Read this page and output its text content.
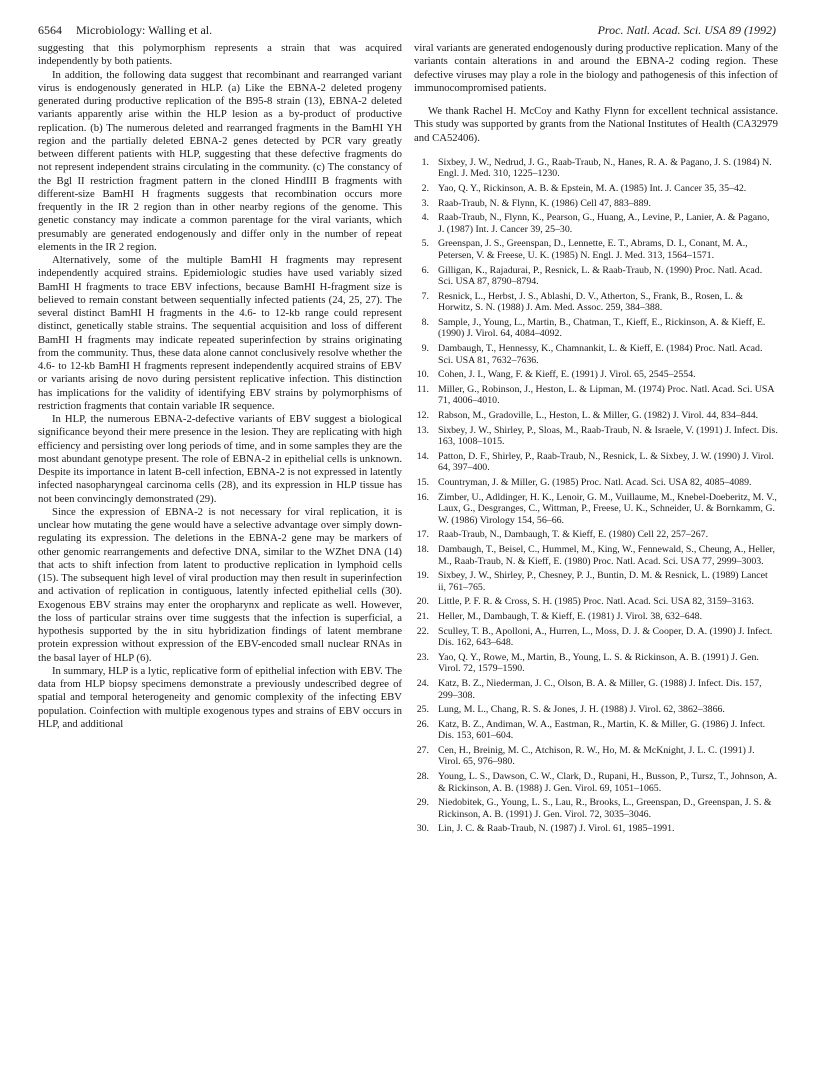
6564 Microbiology: Walling et al.	Proc. Natl. Acad. Sci. USA 89 (1992)

suggesting that this polymorphism represents a strain that was acquired independently by both patients.

In addition, the following data suggest that recombinant and rearranged variant virus is endogenously generated in HLP. (a) Like the EBNA-2 deleted progeny generated during productive replication of the B95-8 strain (13), EBNA-2 deleted variants apparently arise within the HLP lesion as a by-product of productive replication. (b) The numerous deleted and rearranged fragments in the BamHI YH region and the partially deleted EBNA-2 genes detected by PCR vary greatly between different patients with HLP, suggesting that these defective fragments do not represent independent strains circulating in the community. (c) The constancy of the Bgl II restriction fragment pattern in the cloned HindIII B fragments with different-size BamHI H fragments suggests that recombination occurs more frequently in the IR 2 region than in other nearby regions of the genome. This genetic constancy may indicate a common parentage for the viral variants, which presumably are generated endogenously and differ only in the number of repeat elements in the IR 2 region.

Alternatively, some of the multiple BamHI H fragments may represent independently acquired strains. Epidemiologic studies have used variably sized BamHI H fragments to trace EBV infections, because BamHI H-fragment size is believed to remain constant between sequentially infected patients (24, 25, 27). The several distinct BamHI H fragments in the 4.6- to 12-kb range could represent distinct, genetically stable strains. The sequential acquisition and loss of different BamHI H fragments may indicate repeated superinfection by strains originating from the community. Thus, these data alone cannot conclusively resolve whether the 4.6- to 12-kb BamHI H fragments represent independently acquired strains of EBV or variants arising de novo during persistent replicative infection. This distinction has implications for the validity of identifying EBV strains by polymorphisms of restriction fragments that contain variable IR sequence.

In HLP, the numerous EBNA-2-defective variants of EBV suggest a biological significance beyond their mere presence in the lesion. They are replicating with high efficiency and persisting over long periods of time, and in some samples they are the most abundant genotype present. The role of EBNA-2 in epithelial cells is unknown. Despite its importance in latent B-cell infection, EBNA-2 is not expressed in latently infected nasopharyngeal carcinoma cells (28), and its expression in HLP tissue has not been convincingly demonstrated (29).

Since the expression of EBNA-2 is not necessary for viral replication, it is unclear how mutating the gene would have a selective advantage over simply down-regulating its expression. The deletions in the EBNA-2 gene may be markers of other genomic rearrangements and defective DNA, similar to the WZhet DNA (14) that acts to shift infection from latent to productive replication in lymphoid cells (15). The subsequent high level of viral production may then result in superinfection and activation of replication in contiguous, latently infected epithelial cells (30). Exogenous EBV strains may enter the oropharynx and replicate as well. However, the loss of particular strains over time suggests that the infection is superficial, a hypothesis supported by the in situ hybridization findings of latent membrane protein expression without expression of the EBV-encoded small nuclear RNAs in the basal layer of HLP (6).

In summary, HLP is a lytic, replicative form of epithelial infection with EBV. The data from HLP biopsy specimens demonstrate a previously undescribed degree of spatial and temporal heterogeneity and genomic complexity of the infecting EBV population. Coinfection with multiple exogenous types and strains of EBV occurs in HLP, and additional

viral variants are generated endogenously during productive replication. Many of the variants contain alterations in and around the EBNA-2 coding region. These defective viruses may play a role in the biology and pathogenesis of this infection of immunocompromised patients.

We thank Rachel H. McCoy and Kathy Flynn for excellent technical assistance. This study was supported by grants from the National Institutes of Health (CA32979 and CA52406).

1. Sixbey, J. W., Nedrud, J. G., Raab-Traub, N., Hanes, R. A. & Pagano, J. S. (1984) N. Engl. J. Med. 310, 1225–1230.
2. Yao, Q. Y., Rickinson, A. B. & Epstein, M. A. (1985) Int. J. Cancer 35, 35–42.
3. Raab-Traub, N. & Flynn, K. (1986) Cell 47, 883–889.
4. Raab-Traub, N., Flynn, K., Pearson, G., Huang, A., Levine, P., Lanier, A. & Pagano, J. (1987) Int. J. Cancer 39, 25–30.
5. Greenspan, J. S., Greenspan, D., Lennette, E. T., Abrams, D. I., Conant, M. A., Petersen, V. & Freese, U. K. (1985) N. Engl. J. Med. 313, 1564–1571.
6. Gilligan, K., Rajadurai, P., Resnick, L. & Raab-Traub, N. (1990) Proc. Natl. Acad. Sci. USA 87, 8790–8794.
7. Resnick, L., Herbst, J. S., Ablashi, D. V., Atherton, S., Frank, B., Rosen, L. & Horwitz, S. N. (1988) J. Am. Med. Assoc. 259, 384–388.
8. Sample, J., Young, L., Martin, B., Chatman, T., Kieff, E., Rickinson, A. & Kieff, E. (1990) J. Virol. 64, 4084–4092.
9. Dambaugh, T., Hennessy, K., Chamnankit, L. & Kieff, E. (1984) Proc. Natl. Acad. Sci. USA 81, 7632–7636.
10. Cohen, J. I., Wang, F. & Kieff, E. (1991) J. Virol. 65, 2545–2554.
11. Miller, G., Robinson, J., Heston, L. & Lipman, M. (1974) Proc. Natl. Acad. Sci. USA 71, 4006–4010.
12. Rabson, M., Gradoville, L., Heston, L. & Miller, G. (1982) J. Virol. 44, 834–844.
13. Sixbey, J. W., Shirley, P., Sloas, M., Raab-Traub, N. & Israele, V. (1991) J. Infect. Dis. 163, 1008–1015.
14. Patton, D. F., Shirley, P., Raab-Traub, N., Resnick, L. & Sixbey, J. W. (1990) J. Virol. 64, 397–400.
15. Countryman, J. & Miller, G. (1985) Proc. Natl. Acad. Sci. USA 82, 4085–4089.
16. Zimber, U., Adldinger, H. K., Lenoir, G. M., Vuillaume, M., Knebel-Doeberitz, M. V., Laux, G., Desgranges, C., Wittman, P., Freese, U. K., Schneider, U. & Bornkamm, G. W. (1986) Virology 154, 56–66.
17. Raab-Traub, N., Dambaugh, T. & Kieff, E. (1980) Cell 22, 257–267.
18. Dambaugh, T., Beisel, C., Hummel, M., King, W., Fennewald, S., Cheung, A., Heller, M., Raab-Traub, N. & Kieff, E. (1980) Proc. Natl. Acad. Sci. USA 77, 2999–3003.
19. Sixbey, J. W., Shirley, P., Chesney, P. J., Buntin, D. M. & Resnick, L. (1989) Lancet ii, 761–765.
20. Little, P. F. R. & Cross, S. H. (1985) Proc. Natl. Acad. Sci. USA 82, 3159–3163.
21. Heller, M., Dambaugh, T. & Kieff, E. (1981) J. Virol. 38, 632–648.
22. Sculley, T. B., Apolloni, A., Hurren, L., Moss, D. J. & Cooper, D. A. (1990) J. Infect. Dis. 162, 643–648.
23. Yao, Q. Y., Rowe, M., Martin, B., Young, L. S. & Rickinson, A. B. (1991) J. Gen. Virol. 72, 1579–1590.
24. Katz, B. Z., Niederman, J. C., Olson, B. A. & Miller, G. (1988) J. Infect. Dis. 157, 299–308.
25. Lung, M. L., Chang, R. S. & Jones, J. H. (1988) J. Virol. 62, 3862–3866.
26. Katz, B. Z., Andiman, W. A., Eastman, R., Martin, K. & Miller, G. (1986) J. Infect. Dis. 153, 601–604.
27. Cen, H., Breinig, M. C., Atchison, R. W., Ho, M. & McKnight, J. L. C. (1991) J. Virol. 65, 976–980.
28. Young, L. S., Dawson, C. W., Clark, D., Rupani, H., Busson, P., Tursz, T., Johnson, A. & Rickinson, A. B. (1988) J. Gen. Virol. 69, 1051–1065.
29. Niedobitek, G., Young, L. S., Lau, R., Brooks, L., Greenspan, D., Greenspan, J. S. & Rickinson, A. B. (1991) J. Gen. Virol. 72, 3035–3046.
30. Lin, J. C. & Raab-Traub, N. (1987) J. Virol. 61, 1985–1991.
